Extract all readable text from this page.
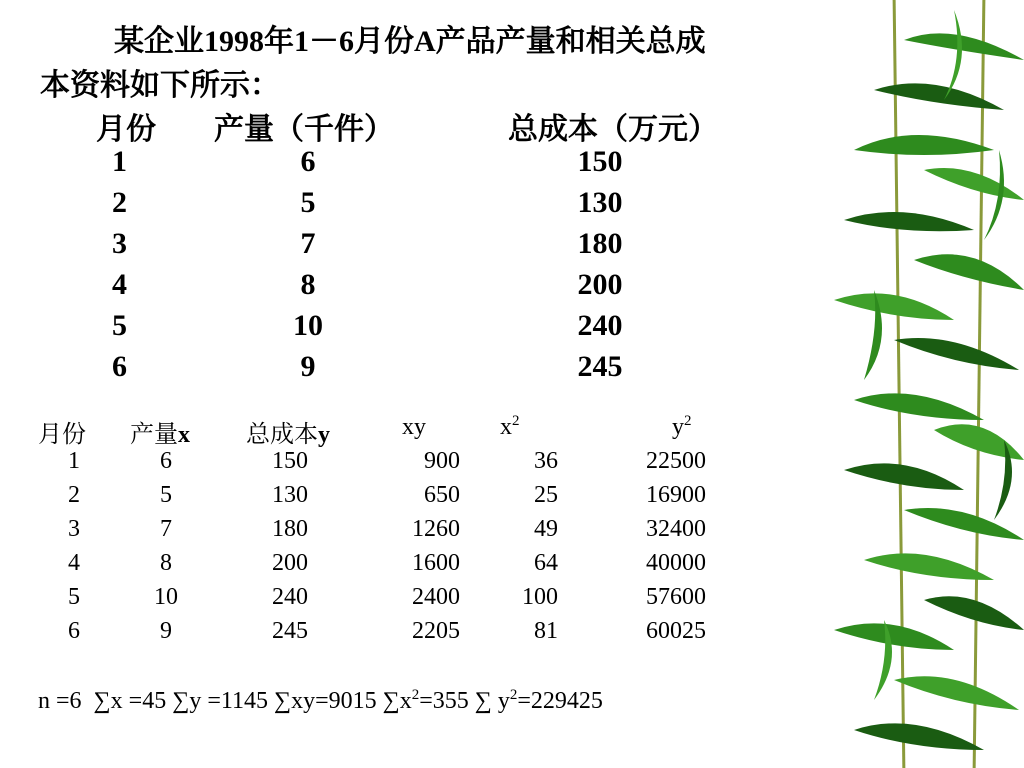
某企业1998年1－6月份A产品产量和相关总成
本资料如下所示：
月份 产量（千件）	总成本（万元）
1	6	150
2	5	130
3	7	180
4	8	200
5	10	240
6	9	245
月份 产量x 总成本y	xy	$x^2$	$y^2$
1	6	150	900	36	22500
2	5	130	650	25	16900
3	7	180	1260	49	32400
4	8	200	1600	64	40000
5	10	240	2400	100	57600
6	9	245	2205	81	60025
n =6 ∑x =45 ∑y =1145 ∑xy=9015 $\sum x^2=355$ ∑ $y^2=229425$
